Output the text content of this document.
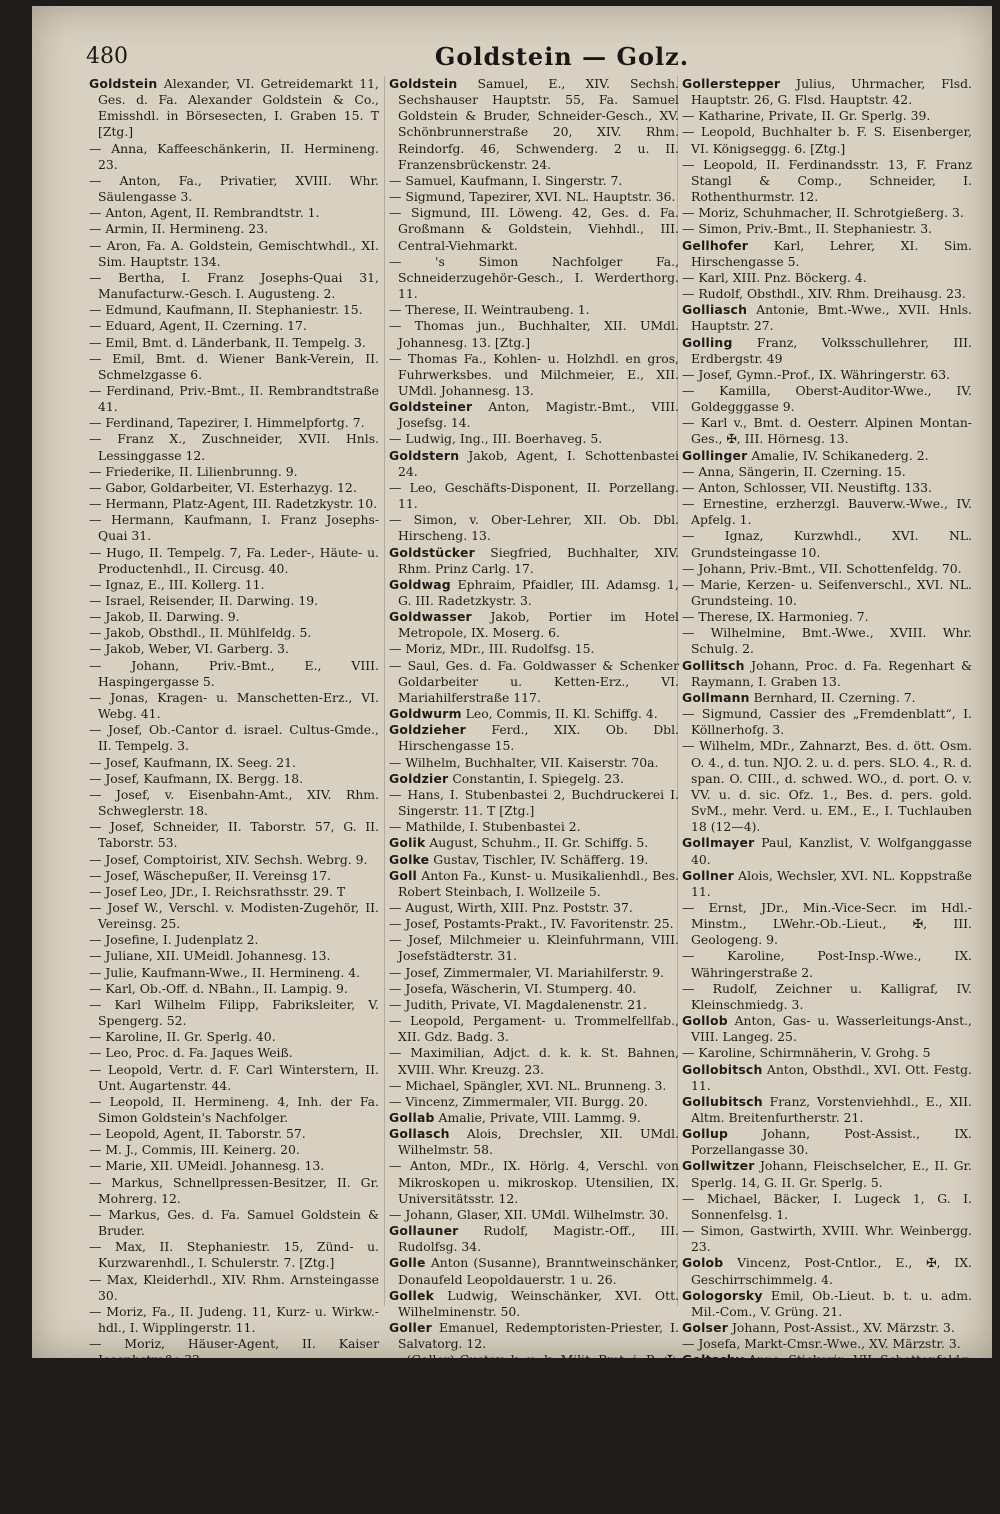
480	Goldstein — Golz.
Goldstein Alexander, VI. Getreidemarkt 11, Ges. d. Fa. Alexander Goldstein & Co., Emisshdl. in Börsesecten, I. Graben 15. T [Ztg.]
— Anna, Kaffeeschänkerin, II. Hermineng. 23.
— Anton, Fa., Privatier, XVIII. Whr. Säulengasse 3.
— Anton, Agent, II. Rembrandtstr. 1.
— Armin, II. Hermineng. 23.
— Aron, Fa. A. Goldstein, Gemischtwhdl., XI. Sim. Hauptstr. 134.
— Bertha, I. Franz Josephs-Quai 31, Manufacturw.-Gesch. I. Augusteng. 2.
— Edmund, Kaufmann, II. Stephaniestr. 15.
— Eduard, Agent, II. Czerning. 17.
— Emil, Bmt. d. Länderbank, II. Tempelg. 3.
— Emil, Bmt. d. Wiener Bank-Verein, II. Schmelzgasse 6.
— Ferdinand, Priv.-Bmt., II. Rembrandtstraße 41.
— Ferdinand, Tapezirer, I. Himmelpfortg. 7.
— Franz X., Zuschneider, XVII. Hnls. Lessinggasse 12.
— Friederike, II. Lilienbrunng. 9.
— Gabor, Goldarbeiter, VI. Esterhazyg. 12.
— Hermann, Platz-Agent, III. Radetzkystr. 10.
— Hermann, Kaufmann, I. Franz Josephs-Quai 31.
— Hugo, II. Tempelg. 7, Fa. Leder-, Häute- u. Productenhdl., II. Circusg. 40.
— Ignaz, E., III. Kollerg. 11.
— Israel, Reisender, II. Darwing. 19.
— Jakob, II. Darwing. 9.
— Jakob, Obsthdl., II. Mühlfeldg. 5.
— Jakob, Weber, VI. Garberg. 3.
— Johann, Priv.-Bmt., E., VIII. Haspingergasse 5.
— Jonas, Kragen- u. Manschetten-Erz., VI. Webg. 41.
— Josef, Ob.-Cantor d. israel. Cultus-Gmde., II. Tempelg. 3.
— Josef, Kaufmann, IX. Seeg. 21.
— Josef, Kaufmann, IX. Bergg. 18.
— Josef, v. Eisenbahn-Amt., XIV. Rhm. Schweglerstr. 18.
— Josef, Schneider, II. Taborstr. 57, G. II. Taborstr. 53.
— Josef, Comptoirist, XIV. Sechsh. Webrg. 9.
— Josef, Wäschepußer, II. Vereinsg 17.
— Josef Leo, JDr., I. Reichsrathsstr. 29. T
— Josef W., Verschl. v. Modisten-Zugehör, II. Vereinsg. 25.
— Josefine, I. Judenplatz 2.
— Juliane, XII. UMeidl. Johannesg. 13.
— Julie, Kaufmann-Wwe., II. Hermineng. 4.
— Karl, Ob.-Off. d. NBahn., II. Lampig. 9.
— Karl Wilhelm Filipp, Fabriksleiter, V. Spengerg. 52.
— Karoline, II. Gr. Sperlg. 40.
— Leo, Proc. d. Fa. Jaques Weiß.
— Leopold, Vertr. d. F. Carl Winterstern, II. Unt. Augartenstr. 44.
— Leopold, II. Hermineng. 4, Inh. der Fa. Simon Goldstein's Nachfolger.
— Leopold, Agent, II. Taborstr. 57.
— M. J., Commis, III. Keinerg. 20.
— Marie, XII. UMeidl. Johannesg. 13.
— Markus, Schnellpressen-Besitzer, II. Gr. Mohrerg. 12.
— Markus, Ges. d. Fa. Samuel Goldstein & Bruder.
— Max, II. Stephaniestr. 15, Zünd- u. Kurzwarenhdl., I. Schulerstr. 7. [Ztg.]
— Max, Kleiderhdl., XIV. Rhm. Arnsteingasse 30.
— Moriz, Fa., II. Judeng. 11, Kurz- u. Wirkw.-hdl., I. Wipplingerstr. 11.
— Moriz, Häuser-Agent, II. Kaiser Josephstraße 32.
— Moriz, Buchbinder, II. Castellezg. 15.
— Rosa, Goldarbeiterin, III. Beatrixg. 6, G. III. Beatrixg. 1.
— Rudolf, Geschäftsleiter, II. Ob. Donaustr. 105
— Rudolf, Schneider, XVII. Hnls. Dorotheergasse 29.
Goldstein Samuel, E., XIV. Sechsh. Sechshauser Hauptstr. 55, Fa. Samuel Goldstein & Bruder, Schneider-Gesch., XV. Schönbrunnerstraße 20, XIV. Rhm. Reindorfg. 46, Schwenderg. 2 u. II. Franzensbrückenstr. 24.
— Samuel, Kaufmann, I. Singerstr. 7.
— Sigmund, Tapezirer, XVI. NL. Hauptstr. 36.
— Sigmund, III. Löweng. 42, Ges. d. Fa. Großmann & Goldstein, Viehhdl., III. Central-Viehmarkt.
— 's Simon Nachfolger Fa., Schneiderzugehör-Gesch., I. Werderthorg. 11.
— Therese, II. Weintraubeng. 1.
— Thomas jun., Buchhalter, XII. UMdl. Johannesg. 13. [Ztg.]
— Thomas Fa., Kohlen- u. Holzhdl. en gros, Fuhrwerksbes. und Milchmeier, E., XII. UMdl. Johannesg. 13.
Goldsteiner Anton, Magistr.-Bmt., VIII. Josefsg. 14.
— Ludwig, Ing., III. Boerhaveg. 5.
Goldstern Jakob, Agent, I. Schottenbastei 24.
— Leo, Geschäfts-Disponent, II. Porzellang. 11.
— Simon, v. Ober-Lehrer, XII. Ob. Dbl. Hirscheng. 13.
Goldstücker Siegfried, Buchhalter, XIV. Rhm. Prinz Carlg. 17.
Goldwag Ephraim, Pfaidler, III. Adamsg. 1, G. III. Radetzkystr. 3.
Goldwasser Jakob, Portier im Hotel Metropole, IX. Moserg. 6.
— Moriz, MDr., III. Rudolfsg. 15.
— Saul, Ges. d. Fa. Goldwasser & Schenker Goldarbeiter u. Ketten-Erz., VI. Mariahilferstraße 117.
Goldwurm Leo, Commis, II. Kl. Schiffg. 4.
Goldzieher Ferd., XIX. Ob. Dbl. Hirschengasse 15.
— Wilhelm, Buchhalter, VII. Kaiserstr. 70a.
Goldzier Constantin, I. Spiegelg. 23.
— Hans, I. Stubenbastei 2, Buchdruckerei I. Singerstr. 11. T [Ztg.]
— Mathilde, I. Stubenbastei 2.
Golik August, Schuhm., II. Gr. Schiffg. 5.
Golke Gustav, Tischler, IV. Schäfferg. 19.
Goll Anton Fa., Kunst- u. Musikalienhdl., Bes. Robert Steinbach, I. Wollzeile 5.
— August, Wirth, XIII. Pnz. Poststr. 37.
— Josef, Postamts-Prakt., IV. Favoritenstr. 25.
— Josef, Milchmeier u. Kleinfuhrmann, VIII. Josefstädterstr. 31.
— Josef, Zimmermaler, VI. Mariahilferstr. 9.
— Josefa, Wäscherin, VI. Stumperg. 40.
— Judith, Private, VI. Magdalenenstr. 21.
— Leopold, Pergament- u. Trommelfellfab., XII. Gdz. Badg. 3.
— Maximilian, Adjct. d. k. k. St. Bahnen, XVIII. Whr. Kreuzg. 23.
— Michael, Spängler, XVI. NL. Brunneng. 3.
— Vincenz, Zimmermaler, VII. Burgg. 20.
Gollab Amalie, Private, VIII. Lammg. 9.
Gollasch Alois, Drechsler, XII. UMdl. Wilhelmstr. 58.
— Anton, MDr., IX. Hörlg. 4, Verschl. von Mikroskopen u. mikroskop. Utensilien, IX. Universitätsstr. 12.
— Johann, Glaser, XII. UMdl. Wilhelmstr. 30.
Gollauner Rudolf, Magistr.-Off., III. Rudolfsg. 34.
Golle Anton (Susanne), Branntweinschänker, Donaufeld Leopoldauerstr. 1 u. 26.
Gollek Ludwig, Weinschänker, XVI. Ott. Wilhelminenstr. 50.
Goller Emanuel, Redemptoristen-Priester, I. Salvatorg. 12.
— (Goller) Gustav, k. u. k. Milit.-Bmt. i. P., ✠, ✠, ✠, XVII. Drnb. Hauptstr. 79.
— Johann, Rchngs.-Assist. im Fin.-Minstm., III. Am Heumarkt 3.
— Josef, Schuhmacher, II. Prater Dammhaufen 54
— Michael, Schneider, III. Am Heumarkt 3.
Gollerstepper Adolf, Kleiderhdl., XII. Gdz. Schönbrunner Hauptstr. 7 u. 22.
— Joachim, Weinagent, II. Stephaniestr. 3.
Gollerstepper Julius, Uhrmacher, Flsd. Hauptstr. 26, G. Flsd. Hauptstr. 42.
— Katharine, Private, II. Gr. Sperlg. 39.
— Leopold, Buchhalter b. F. S. Eisenberger, VI. Königseggg. 6. [Ztg.]
— Leopold, II. Ferdinandsstr. 13, F. Franz Stangl & Comp., Schneider, I. Rothenthurmstr. 12.
— Moriz, Schuhmacher, II. Schrotgießerg. 3.
— Simon, Priv.-Bmt., II. Stephaniestr. 3.
Gellhofer Karl, Lehrer, XI. Sim. Hirschengasse 5.
— Karl, XIII. Pnz. Böckerg. 4.
— Rudolf, Obsthdl., XIV. Rhm. Dreihausg. 23.
Golliasch Antonie, Bmt.-Wwe., XVII. Hnls. Hauptstr. 27.
Golling Franz, Volksschullehrer, III. Erdbergstr. 49
— Josef, Gymn.-Prof., IX. Währingerstr. 63.
— Kamilla, Oberst-Auditor-Wwe., IV. Goldegggasse 9.
— Karl v., Bmt. d. Oesterr. Alpinen Montan-Ges., ✠, III. Hörnesg. 13.
Gollinger Amalie, IV. Schikanederg. 2.
— Anna, Sängerin, II. Czerning. 15.
— Anton, Schlosser, VII. Neustiftg. 133.
— Ernestine, erzherzgl. Bauverw.-Wwe., IV. Apfelg. 1.
— Ignaz, Kurzwhdl., XVI. NL. Grundsteingasse 10.
— Johann, Priv.-Bmt., VII. Schottenfeldg. 70.
— Marie, Kerzen- u. Seifenverschl., XVI. NL. Grundsteing. 10.
— Therese, IX. Harmonieg. 7.
— Wilhelmine, Bmt.-Wwe., XVIII. Whr. Schulg. 2.
Gollitsch Johann, Proc. d. Fa. Regenhart & Raymann, I. Graben 13.
Gollmann Bernhard, II. Czerning. 7.
— Sigmund, Cassier des „Fremdenblatt“, I. Köllnerhofg. 3.
— Wilhelm, MDr., Zahnarzt, Bes. d. ött. Osm. O. 4., d. tun. NJO. 2. u. d. pers. SLO. 4., R. d. span. O. CIII., d. schwed. WO., d. port. O. v. VV. u. d. sic. Ofz. 1., Bes. d. pers. gold. SvM., mehr. Verd. u. EM., E., I. Tuchlauben 18 (12—4).
Gollmayer Paul, Kanzlist, V. Wolfganggasse 40.
Gollner Alois, Wechsler, XVI. NL. Koppstraße 11.
— Ernst, JDr., Min.-Vice-Secr. im Hdl.-Minstm., LWehr.-Ob.-Lieut., ✠, III. Geologeng. 9.
— Karoline, Post-Insp.-Wwe., IX. Währingerstraße 2.
— Rudolf, Zeichner u. Kalligraf, IV. Kleinschmiedg. 3.
Gollob Anton, Gas- u. Wasserleitungs-Anst., VIII. Langeg. 25.
— Karoline, Schirmnäherin, V. Grohg. 5
Gollobitsch Anton, Obsthdl., XVI. Ott. Festg. 11.
Gollubitsch Franz, Vorstenviehhdl., E., XII. Altm. Breitenfurtherstr. 21.
Gollup Johann, Post-Assist., IX. Porzellangasse 30.
Gollwitzer Johann, Fleischselcher, E., II. Gr. Sperlg. 14, G. II. Gr. Sperlg. 5.
— Michael, Bäcker, I. Lugeck 1, G. I. Sonnenfelsg. 1.
— Simon, Gastwirth, XVIII. Whr. Weinbergg. 23.
Golob Vincenz, Post-Cntlor., E., ✠, IX. Geschirrschimmelg. 4.
Gologorsky Emil, Ob.-Lieut. b. t. u. adm. Mil.-Com., V. Grüng. 21.
Golser Johann, Post-Assist., XV. Märzstr. 3.
— Josefa, Markt-Cmsr.-Wwe., XV. Märzstr. 3.
Goltschy Anna, Stickerin, VII. Schottenfeldg. 17.
Golz Alexander D., ak. Maler, IV. Sterhembergg. 24.
— Amalie, Eisenb.-Ob.-Insp.-Wwe., V. Wehrgasse 1.
